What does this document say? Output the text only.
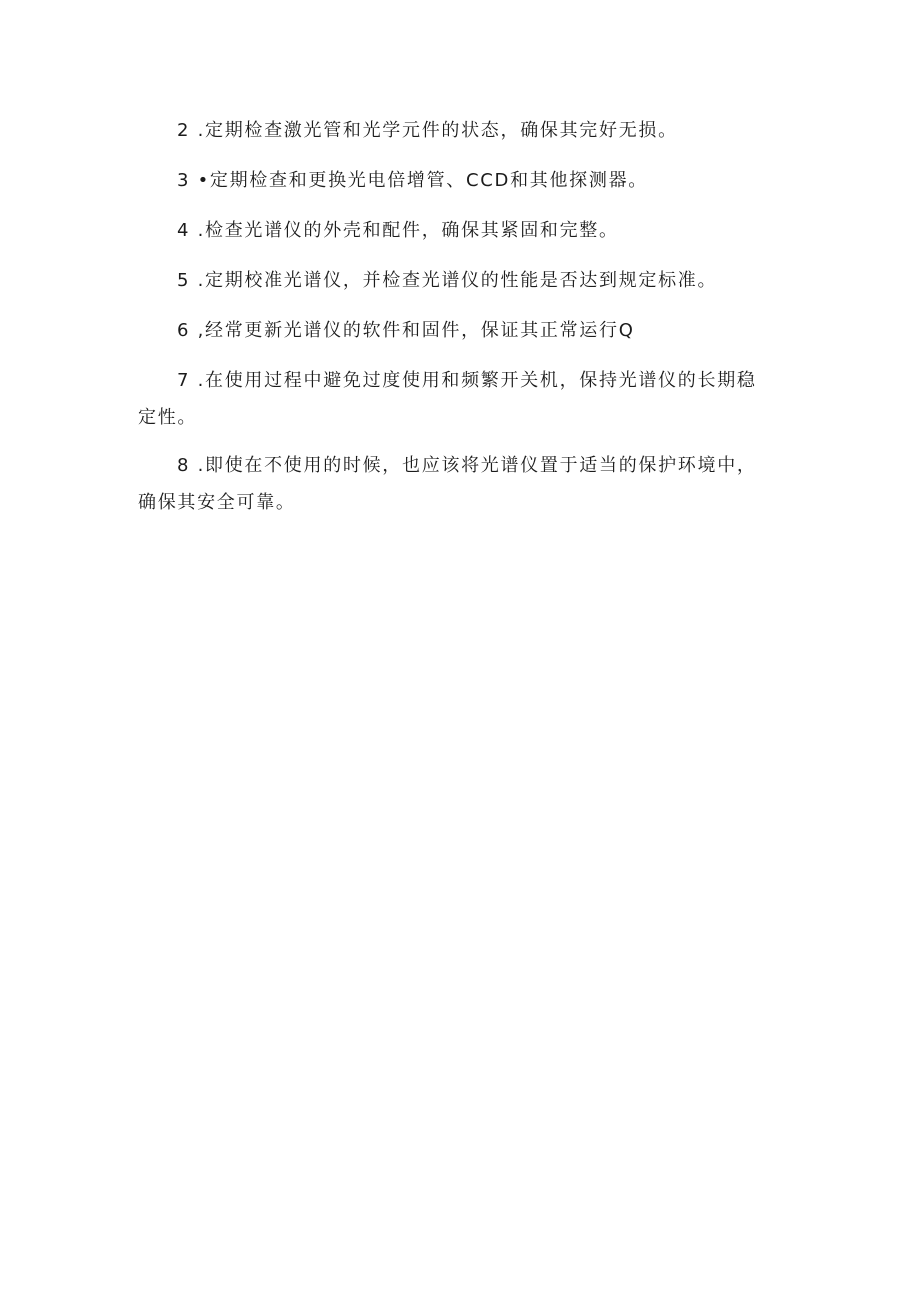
2 .定期检查激光管和光学元件的状态，确保其完好无损。
3 •定期检查和更换光电倍增管、CCD和其他探测器。
4 .检查光谱仪的外壳和配件，确保其紧固和完整。
5 .定期校准光谱仪，并检查光谱仪的性能是否达到规定标准。
6 ,经常更新光谱仪的软件和固件，保证其正常运行Q
7 .在使用过程中避免过度使用和频繁开关机，保持光谱仪的长期稳
定性。
8 .即使在不使用的时候，也应该将光谱仪置于适当的保护环境中，
确保其安全可靠。
